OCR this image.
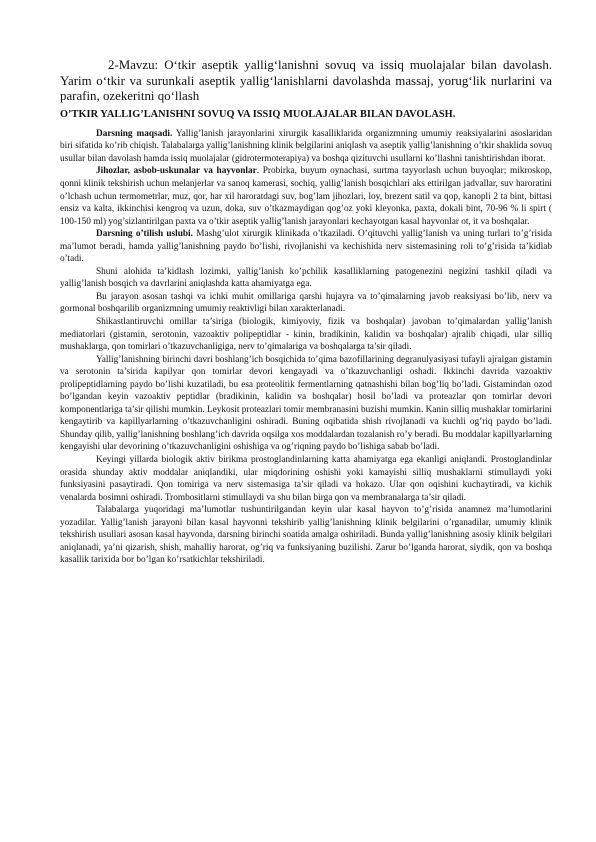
2-Mavzu: O‘tkir aseptik yallig‘lanishni sovuq va issiq muolajalar bilan davolash. Yarim o‘tkir va surunkali aseptik yallig‘lanishlarni davolashda massaj, yorug‘lik nurlarini va parafin, ozekeritni qo‘llash

O’TKIR YALLIG’LANISHNI SOVUQ VA ISSIQ MUOLAJALAR BILAN DAVOLASH.

Darsning maqsadi. Yallig’lanish jarayonlarini xirurgik kasalliklarida organizmning umumiy reaksiyalarini asoslaridan biri sifatida ko’rib chiqish. Talabalarga yallig’lanishning klinik belgilarini aniqlash va aseptik yallig’lanishning o’tkir shaklida sovuq usullar bilan davolash hamda issiq muolajalar (gidrotermoterapiya) va boshqa qizituvchi usullarni ko’llashni tanishtirishdan iborat.

Jihozlar, asbob-uskunalar va hayvonlar. Probirka, buyum oynachasi, surtma tayyorlash uchun buyoqlar; mikroskop, qonni klinik tekshirish uchun melanjerlar va sanoq kamerasi, sochiq, yallig’lanish bosqichlari aks ettirilgan jadvallar, suv haroratini o’lchash uchun termometrlar, muz, qor, har xil haroratdagi suv, bog’lam jihozlari, loy, brezent satil va qop, kanopli 2 ta bint, bittasi ensiz va kalta, ikkinchisi kengroq va uzun, doka, suv o’tkazmaydigan qog’oz yoki kleyonka, paxta, dokali bint, 70-96 % li spirt ( 100-150 ml) yog’sizlantirilgan paxta va o’tkir aseptik yallig’lanish jarayonlari kechayotgan kasal hayvonlar ot, it va boshqalar.

Darsning o’tilish uslubi. Mashg’ulot xirurgik klinikada o’tkaziladi. O’qituvchi yallig’lanish va uning turlari to’g’risida ma’lumot beradi, hamda yallig’lanishning paydo bo’lishi, rivojlanishi va kechishida nerv sistemasining roli to’g’risida ta’kidlab o’tadi.

Shuni alohida ta’kidlash lozimki, yallig’lanish ko’pchilik kasalliklarning patogenezini negizini tashkil qiladi va yallig’lanish bosqich va davrlarini aniqlashda katta ahamiyatga ega.

Bu jarayon asosan tashqi va ichki muhit omillariga qarshi hujayra va to’qimalarning javob reaksiyasi bo’lib, nerv va gormonal boshqarilib organizmning umumiy reaktivligi bilan xarakterlanadi.

Shikastlantiruvchi omillar ta’siriga (biologik, kimiyoviy, fizik va boshqalar) javoban to’qimalardan yallig’lanish mediatorlari (gistamin, serotonin, vazoaktiv polipeptidlar - kinin, bradikinin, kalidin va boshqalar) ajralib chiqadi, ular silliq mushaklarga, qon tomirlari o’tkazuvchanligiga, nerv to’qimalariga va boshqalarga ta’sir qiladi.

Yallig’lanishning birinchi davri boshlang’ich bosqichida to’qima bazofillarining degranulyasiyasi tufayli ajralgan gistamin va serotonin ta’sirida kapilyar qon tomirlar devori kengayadi va o’tkazuvchanligi oshadi. Ikkinchi davrida vazoaktiv prolipeptidlarning paydo bo’lishi kuzatiladi, bu esa proteolitik fermentlarning qatnashishi bilan bog’liq bo’ladi. Gistamindan ozod bo’lgandan keyin vazoaktiv peptidlar (bradikinin, kalidin va boshqalar) hosil bo’ladi va proteazlar qon tomirlar devori komponentlariga ta’sir qilishi mumkin. Leykosit proteazlari tomir membranasini buzishi mumkin. Kanin silliq mushaklar tomirlarini kengaytirib va kapillyarlarning o’tkazuvchanligini oshiradi. Buning oqibatida shish rivojlanadi va kuchli og’riq paydo bo’ladi. Shunday qilib, yallig’lanishning boshlang’ich davrida oqsilga xos moddalardan tozalanish ro’y beradi. Bu moddalar kapillyarlarning kengayishi ular devorining o’tkazuvchanligini oshishiga va og’riqning paydo bo’lishiga sabab bo’ladi.

Keyingi yillarda biologik aktiv birikma prostoglandinlarning katta ahamiyatga ega ekanligi aniqlandi. Prostoglandinlar orasida shunday aktiv moddalar aniqlandiki, ular miqdorining oshishi yoki kamayishi silliq mushaklarni stimullaydi yoki funksiyasini pasaytiradi. Qon tomiriga va nerv sistemasiga ta’sir qiladi va hokazo. Ular qon oqishini kuchaytiradi, va kichik venalarda bosimni oshiradi. Trombositlarni stimullaydi va shu bilan birga qon va membranalarga ta’sir qiladi.

Talabalarga yuqoridagi ma’lumotlar tushuntirilgandan keyin ular kasal hayvon to’g’risida anamnez ma’lumotlarini yozadilar. Yallig’lanish jarayoni bilan kasal hayvonni tekshirib yallig’lanishning klinik belgilarini o’rganadilar, umumiy klinik tekshirish usullari asosan kasal hayvonda, darsning birinchi soatida amalga oshiriladi. Bunda yallig’lanishning asosiy klinik belgilari aniqlanadi, ya’ni qizarish, shish, mahalliy harorat, og’riq va funksiyaning buzilishi. Zarur bo’lganda harorat, siydik, qon va boshqa kasallik tarixida bor bo’lgan ko’rsatkichlar tekshiriladi.
